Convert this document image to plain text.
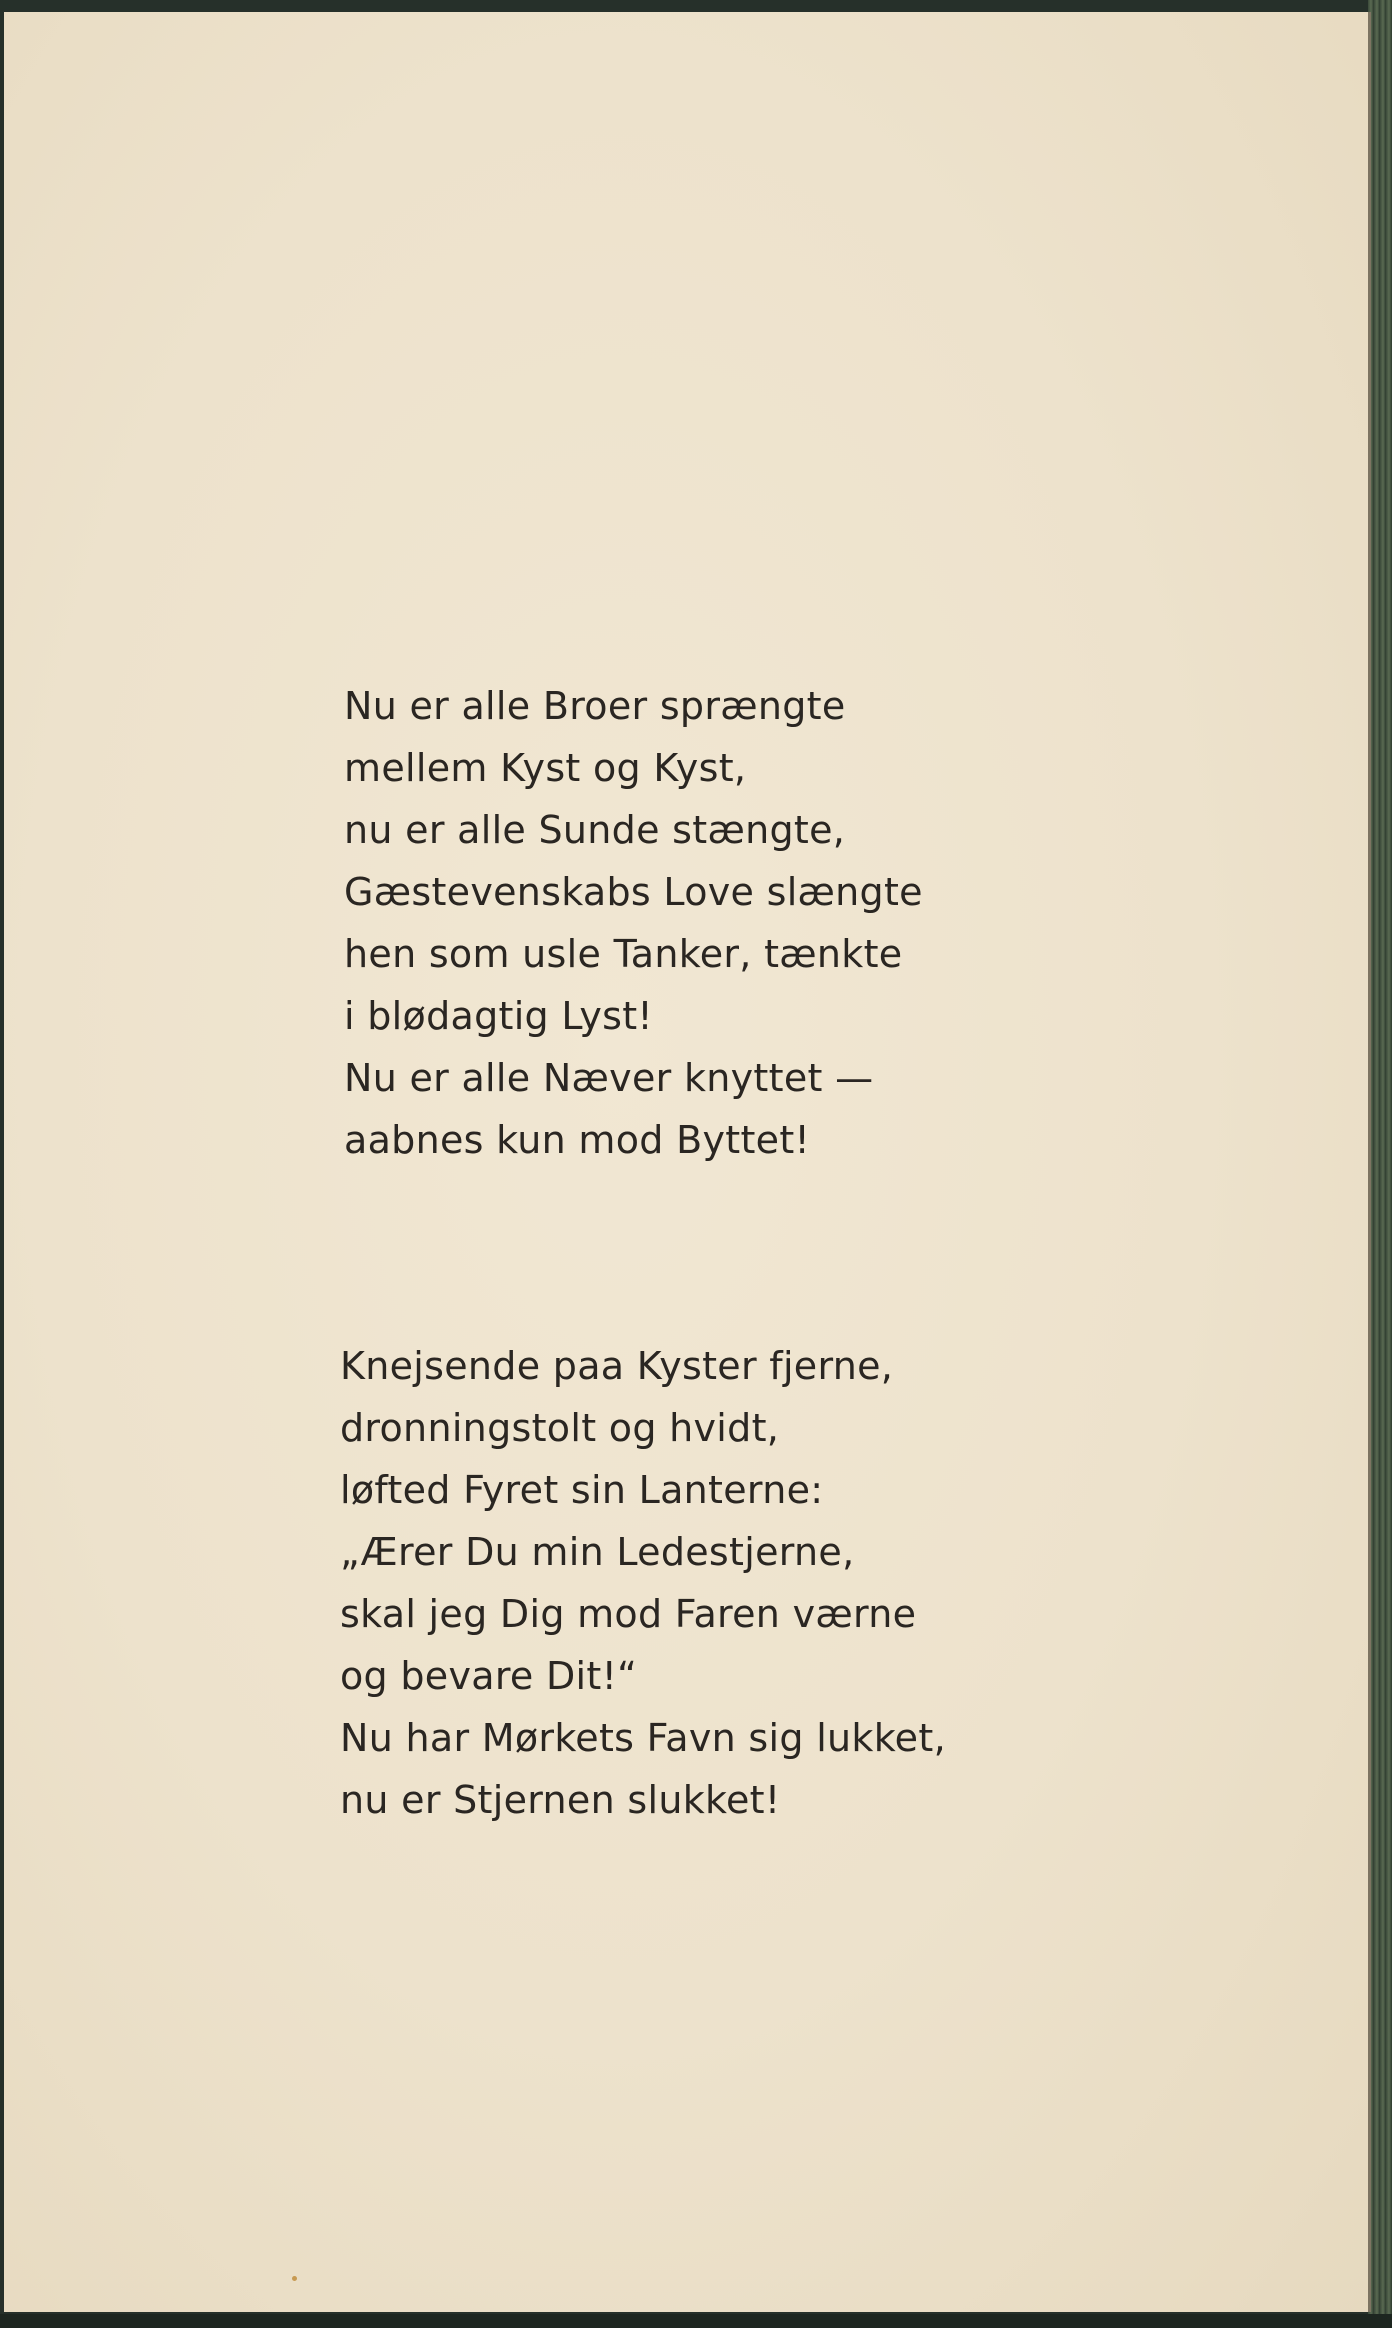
Nu er alle Broer sprængte
mellem Kyst og Kyst,
nu er alle Sunde stængte,
Gæstevenskabs Love slængte
hen som usle Tanker, tænkte
i blødagtig Lyst!
Nu er alle Næver knyttet —
aabnes kun mod Byttet!
Knejsende paa Kyster fjerne,
dronningstolt og hvidt,
løfted Fyret sin Lanterne:
„Ærer Du min Ledestjerne,
skal jeg Dig mod Faren værne
og bevare Dit!“
Nu har Mørkets Favn sig lukket,
nu er Stjernen slukket!
